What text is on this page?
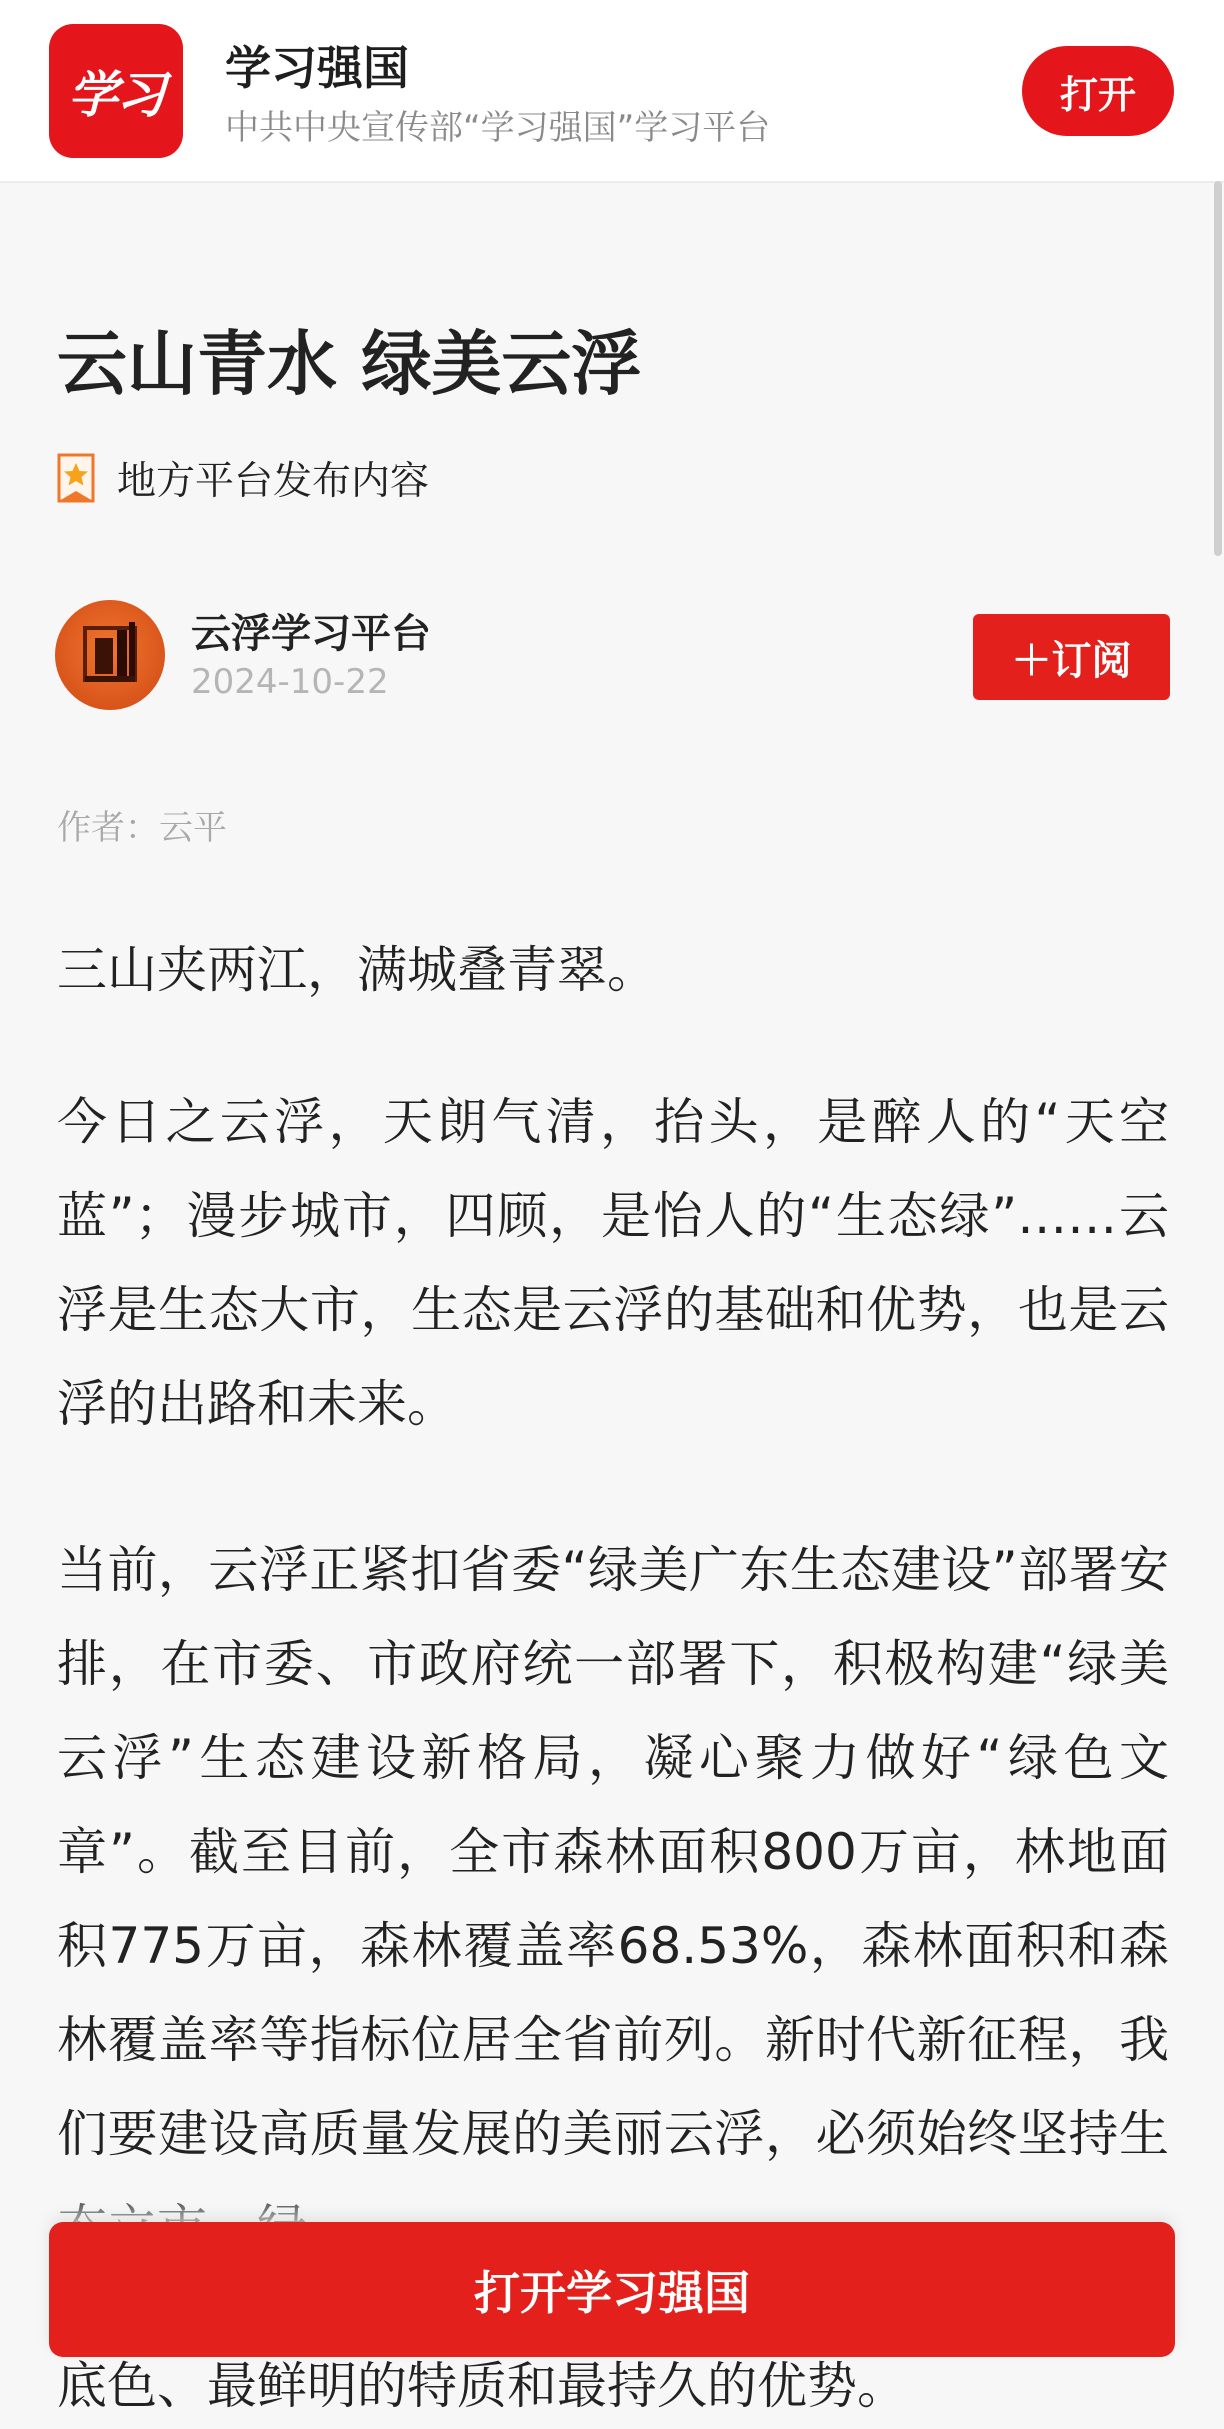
学习 学习强国
中共中央宣传部“学习强国”学习平台
打开
云山青水 绿美云浮
地方平台发布内容
云浮学习平台
2024-10-22	＋订阅
作者：云平
三山夹两江，满城叠青翠。
今日之云浮，天朗气清，抬头，是醉人的“天空蓝”；漫步城市，四顾，是怡人的“生态绿”……云浮是生态大市，生态是云浮的基础和优势，也是云浮的出路和未来。
当前，云浮正紧扣省委“绿美广东生态建设”部署安排，在市委、市政府统一部署下，积极构建“绿美云浮”生态建设新格局，凝心聚力做好“绿色文章”。截至目前，全市森林面积800万亩，林地面积775万亩，森林覆盖率68.53%，森林面积和森林覆盖率等指标位居全省前列。新时代新征程，我们要建设高质量发展的美丽云浮，必须始终坚持生
底色、最鲜明的特质和最持久的优势。
打开学习强国
